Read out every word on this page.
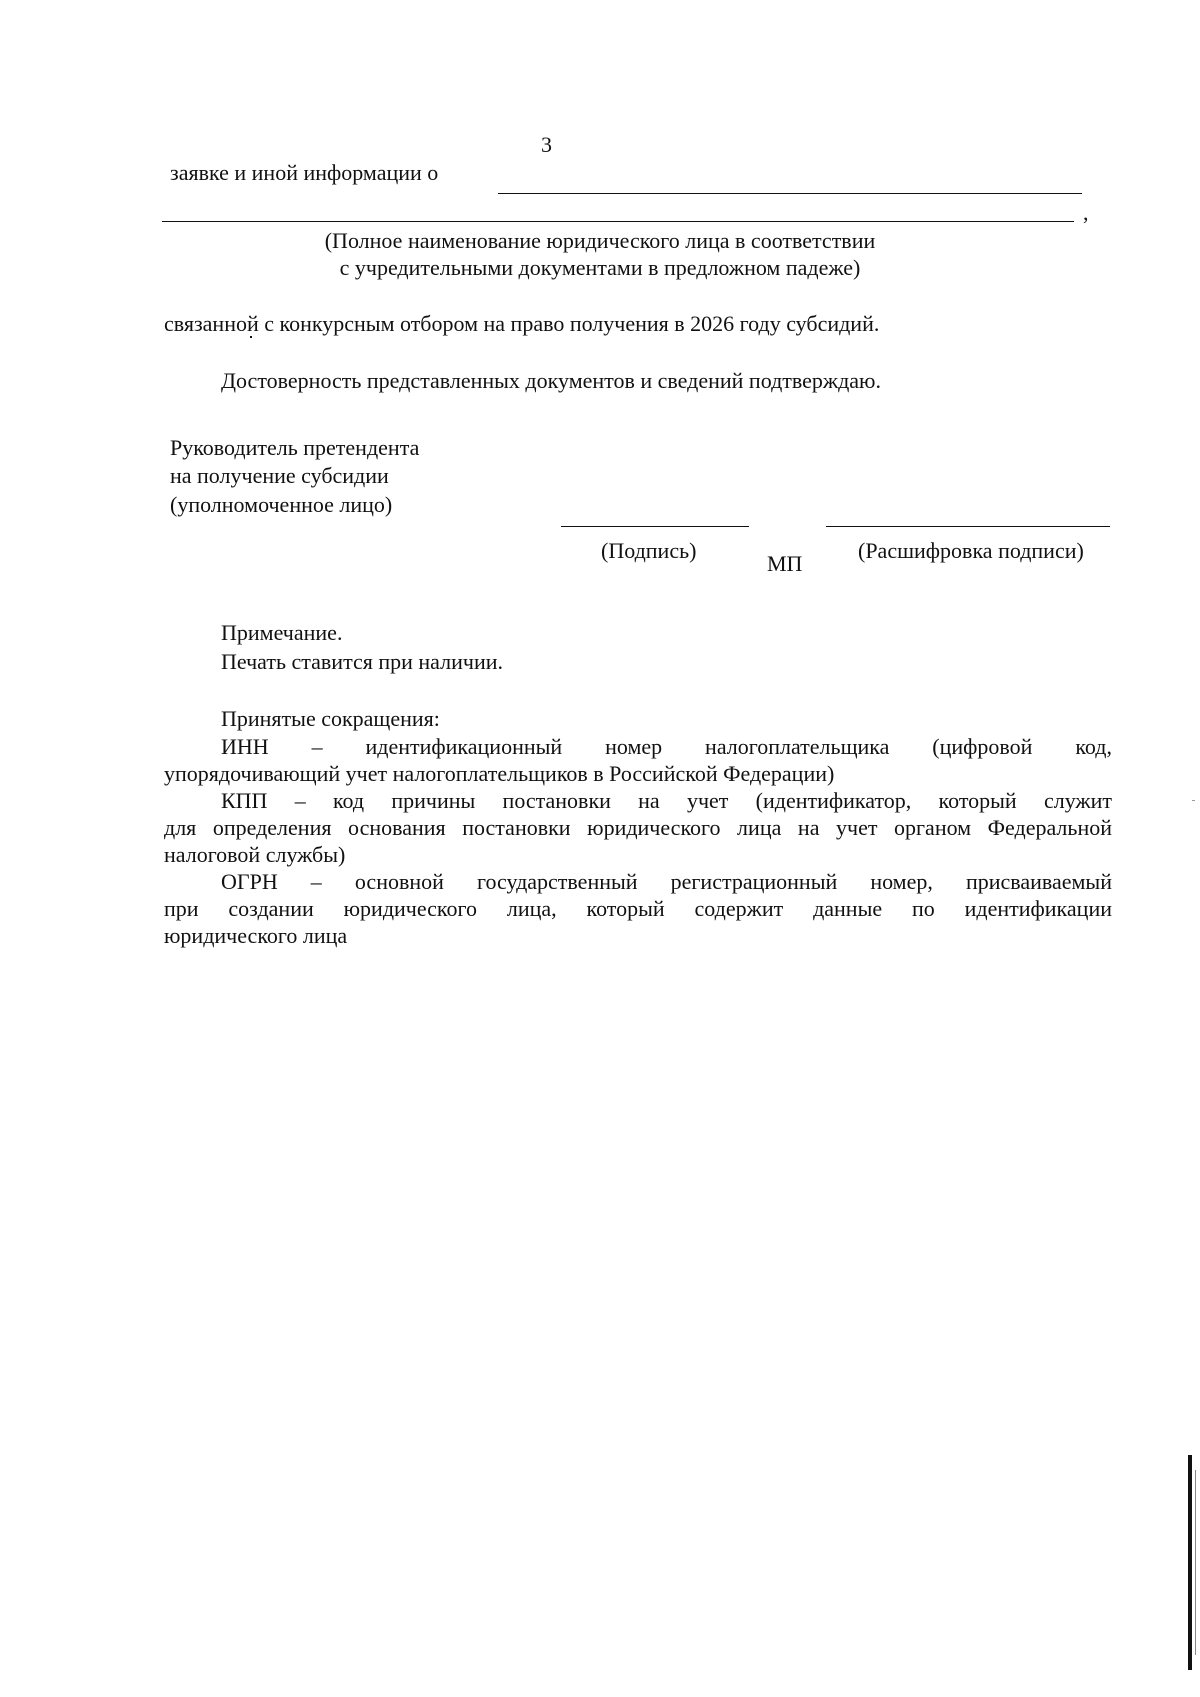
3
заявке и иной информации о
,
(Полное наименование юридического лица в соответствии
с учредительными документами в предложном падеже)
связанной с конкурсным отбором на право получения в 2026 году субсидий.
Достоверность представленных документов и сведений подтверждаю.
Руководитель претендента
на получение субсидии
(уполномоченное лицо)
(Подпись)
МП
(Расшифровка подписи)
Примечание.
Печать ставится при наличии.
Принятые сокращения:
ИНН – идентификационный номер налогоплательщика (цифровой код,
упорядочивающий учет налогоплательщиков в Российской Федерации)
КПП – код причины постановки на учет (идентификатор, который служит
для определения основания постановки юридического лица на учет органом Федеральной
налоговой службы)
ОГРН – основной государственный регистрационный номер, присваиваемый
при создании юридического лица, который содержит данные по идентификации
юридического лица
